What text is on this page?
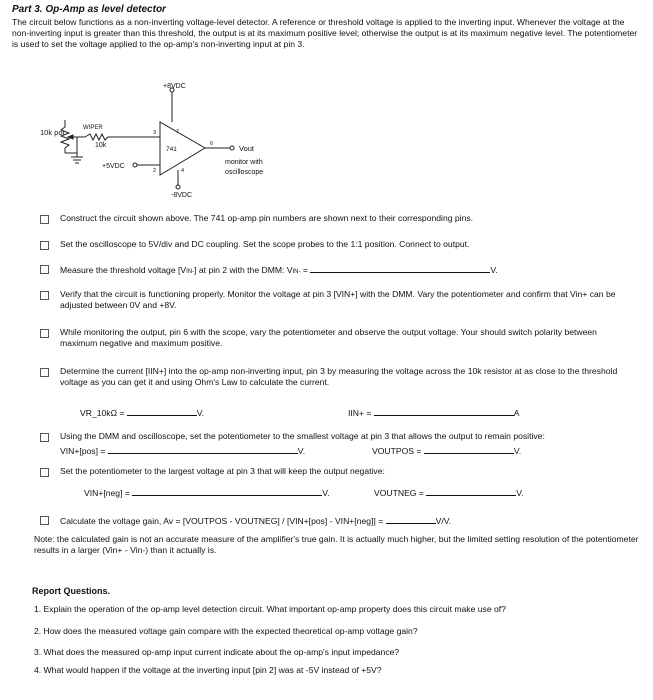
Part 3. Op-Amp as level detector
The circuit below functions as a non-inverting voltage-level detector. A reference or threshold voltage is applied to the inverting input. Whenever the voltage at the non-inverting input is greater than this threshold, the output is at its maximum positive level; otherwise the output is at its maximum negative level. The potentiometer is used to set the voltage applied to the op-amp's non-inverting input at pin 3.
+8VDC
10k pot	WIPER
10k
+5VDC
741
3
2
7
4
6	Vout
monitor with
oscilloscope
-8VDC
Construct the circuit shown above. The 741 op-amp pin numbers are shown next to their corresponding pins.
Set the oscilloscope to 5V/div and DC coupling. Set the scope probes to the 1:1 position. Connect to output.
Measure the threshold voltage [VIN-] at pin 2 with the DMM: VIN- =	V.
Verify that the circuit is functioning properly. Monitor the voltage at pin 3 [VIN+] with the DMM. Vary the potentiometer and confirm that Vin+ can be adjusted between 0V and +8V.
While monitoring the output, pin 6 with the scope, vary the potentiometer and observe the output voltage. Your should switch polarity between maximum negative and maximum positive.
Determine the current [IIN+] into the op-amp non-inverting input, pin 3 by measuring the voltage across the 10k resistor at as close to the threshold voltage as you can get it and using Ohm's Law to calculate the current.
VR_10kΩ =	V.	IIN+ =	A
Using the DMM and oscilloscope, set the potentiometer to the smallest voltage at pin 3 that allows the output to remain positive:
VIN+[pos] =	V.	VOUTPOS =	V.
Set the potentiometer to the largest voltage at pin 3 that will keep the output negative:
VIN+[neg] =	V.	VOUTNEG =	V.
Calculate the voltage gain, Av = [VOUTPOS - VOUTNEG] / [VIN+[pos] - VIN+[neg]] =	V/V.
Note: the calculated gain is not an accurate measure of the amplifier's true gain. It is actually much higher, but the limited setting resolution of the potentiometer results in a larger (Vin+ - Vin-) than it actually is.
Report Questions.
1. Explain the operation of the op-amp level detection circuit. What important op-amp property does this circuit make use of?
2. How does the measured voltage gain compare with the expected theoretical op-amp voltage gain?
3. What does the measured op-amp input current indicate about the op-amp's input impedance?
4. What would happen if the voltage at the inverting input [pin 2] was at -5V instead of +5V?
